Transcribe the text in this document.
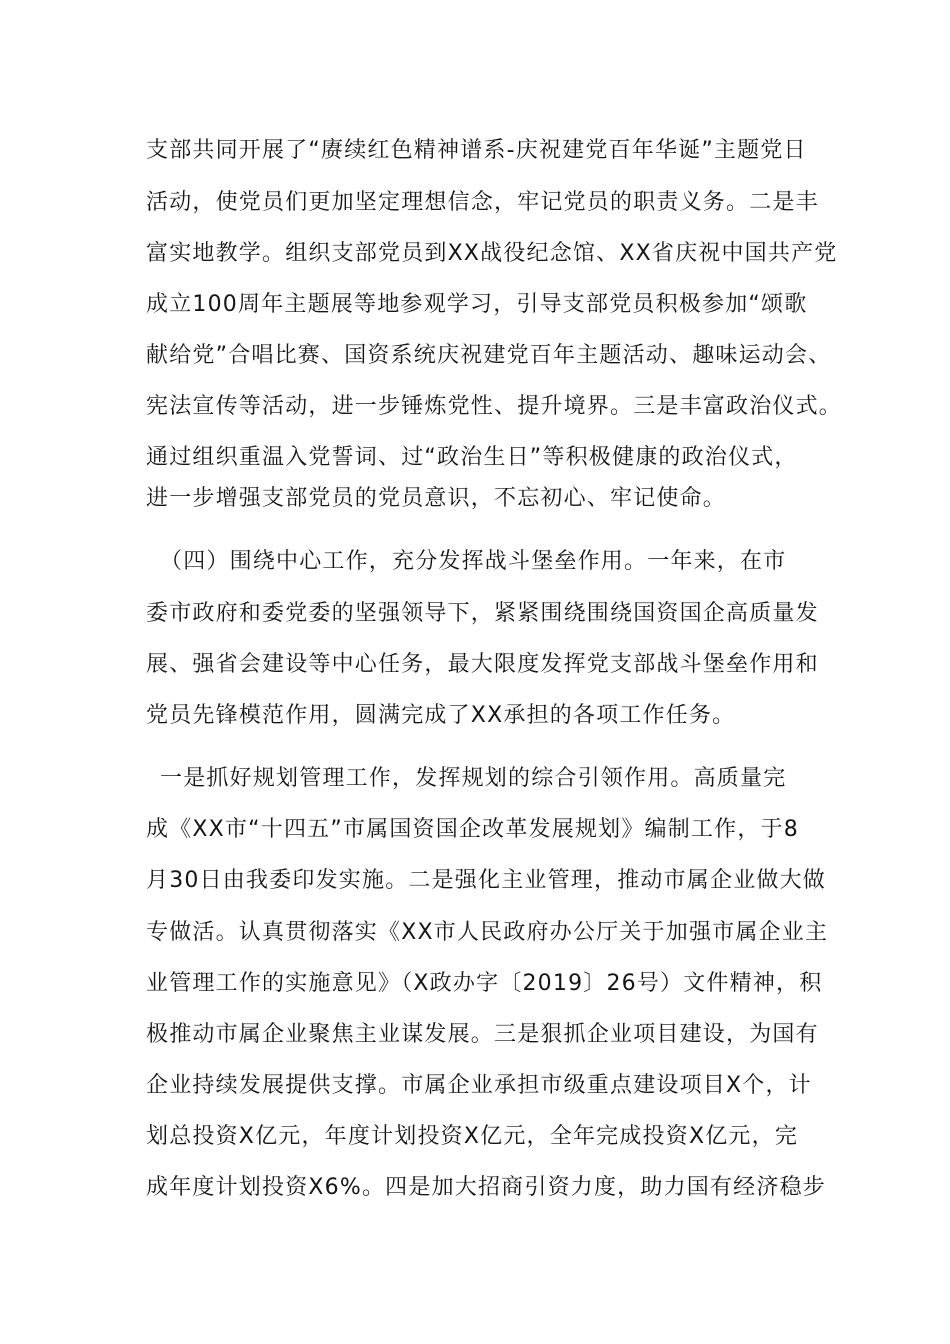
支部共同开展了“赓续红色精神谱系-庆祝建党百年华诞”主题党日
活动，使党员们更加坚定理想信念，牢记党员的职责义务。二是丰
富实地教学。组织支部党员到XX战役纪念馆、XX省庆祝中国共产党
成立100周年主题展等地参观学习，引导支部党员积极参加“颂歌
献给党”合唱比赛、国资系统庆祝建党百年主题活动、趣味运动会、
宪法宣传等活动，进一步锤炼党性、提升境界。三是丰富政治仪式。
通过组织重温入党誓词、过“政治生日”等积极健康的政治仪式，
进一步增强支部党员的党员意识，不忘初心、牢记使命。
（四）围绕中心工作，充分发挥战斗堡垒作用。一年来，在市
委市政府和委党委的坚强领导下，紧紧围绕围绕国资国企高质量发
展、强省会建设等中心任务，最大限度发挥党支部战斗堡垒作用和
党员先锋模范作用，圆满完成了XX承担的各项工作任务。
一是抓好规划管理工作，发挥规划的综合引领作用。高质量完
成《XX市“十四五”市属国资国企改革发展规划》编制工作，于8
月30日由我委印发实施。二是强化主业管理，推动市属企业做大做
专做活。认真贯彻落实《XX市人民政府办公厅关于加强市属企业主
业管理工作的实施意见》（X政办字〔2019〕26号）文件精神，积
极推动市属企业聚焦主业谋发展。三是狠抓企业项目建设，为国有
企业持续发展提供支撑。市属企业承担市级重点建设项目X个，计
划总投资X亿元，年度计划投资X亿元，全年完成投资X亿元，完
成年度计划投资X6%。四是加大招商引资力度，助力国有经济稳步
